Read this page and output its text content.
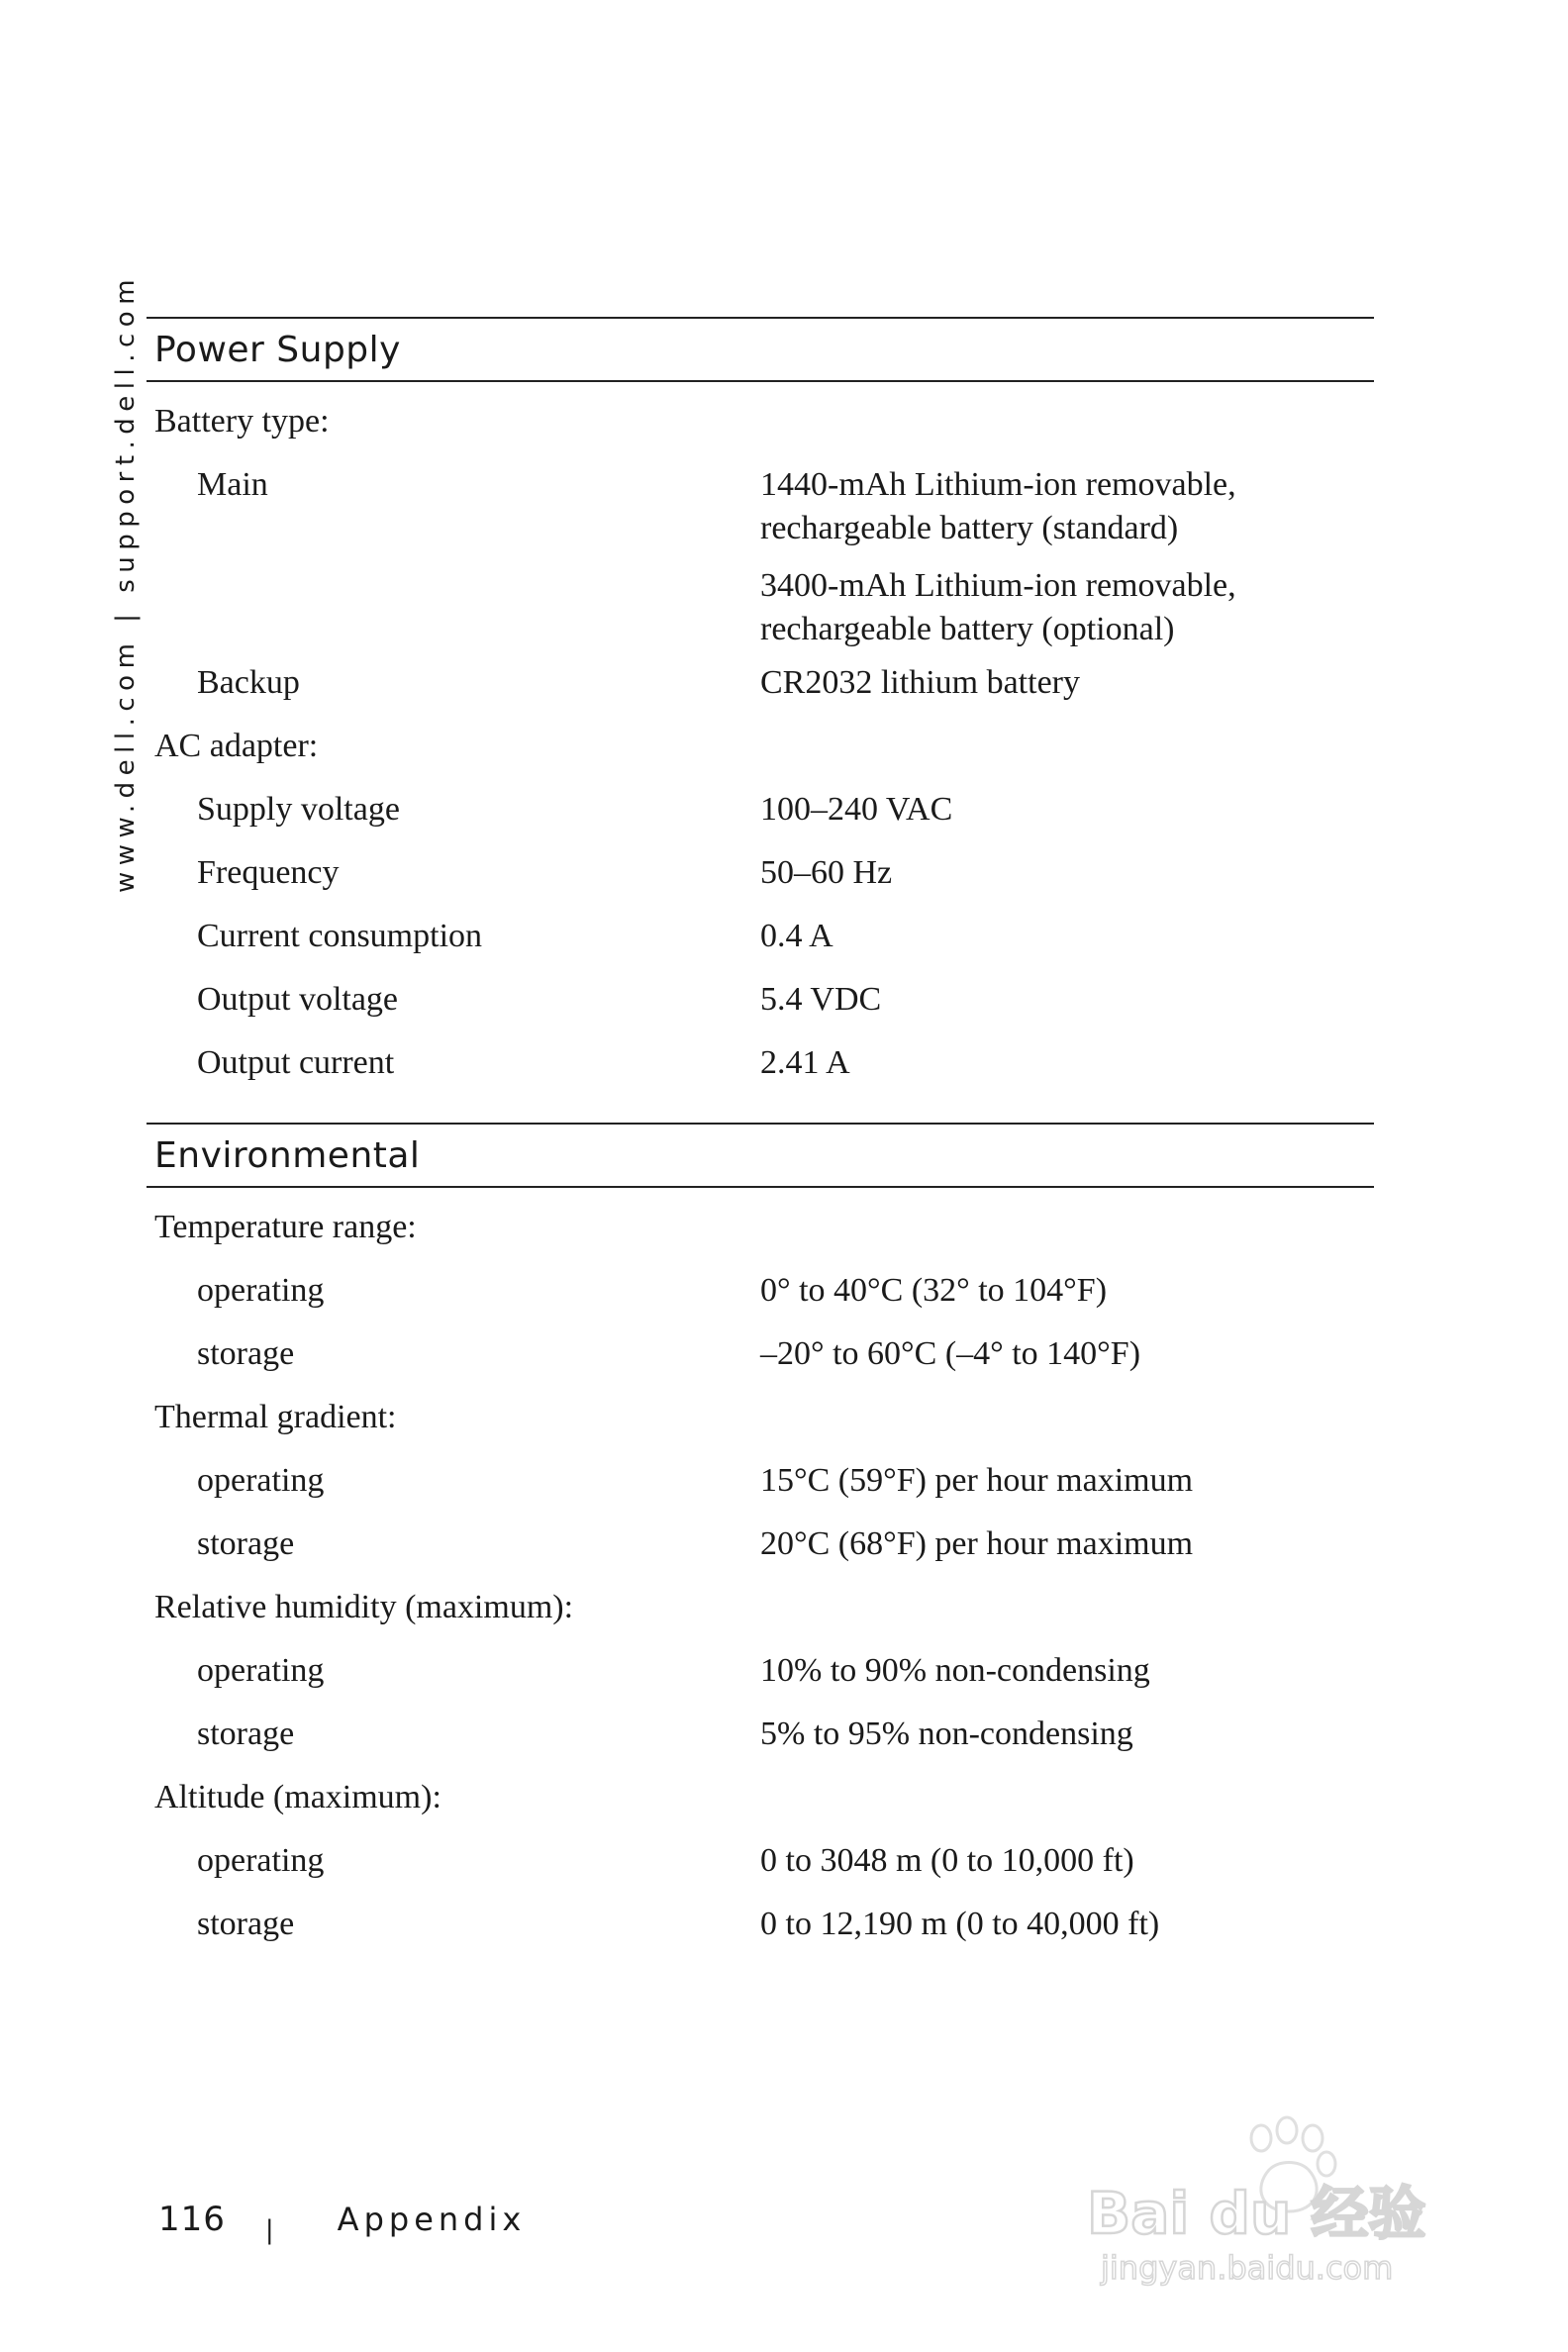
www.dell.com | support.dell.com Power Supply
Battery type:
Main	1440-mAh Lithium-ion removable,
rechargeable battery (standard)
3400-mAh Lithium-ion removable,
rechargeable battery (optional)
Backup	CR2032 lithium battery
AC adapter:
Supply voltage	100–240 VAC
Frequency	50–60 Hz
Current consumption	0.4 A
Output voltage	5.4 VDC
Output current	2.41 A
Environmental
Temperature range:
operating	0° to 40°C (32° to 104°F)
storage	–20° to 60°C (–4° to 140°F)
Thermal gradient:
operating	15°C (59°F) per hour maximum
storage	20°C (68°F) per hour maximum
Relative humidity (maximum):
operating	10% to 90% non-condensing
storage	5% to 95% non-condensing
Altitude (maximum):
operating	0 to 3048 m (0 to 10,000 ft)
storage	0 to 12,190 m (0 to 40,000 ft)
116 | Appendix	Bai du 经验
jingyan.baidu.com
